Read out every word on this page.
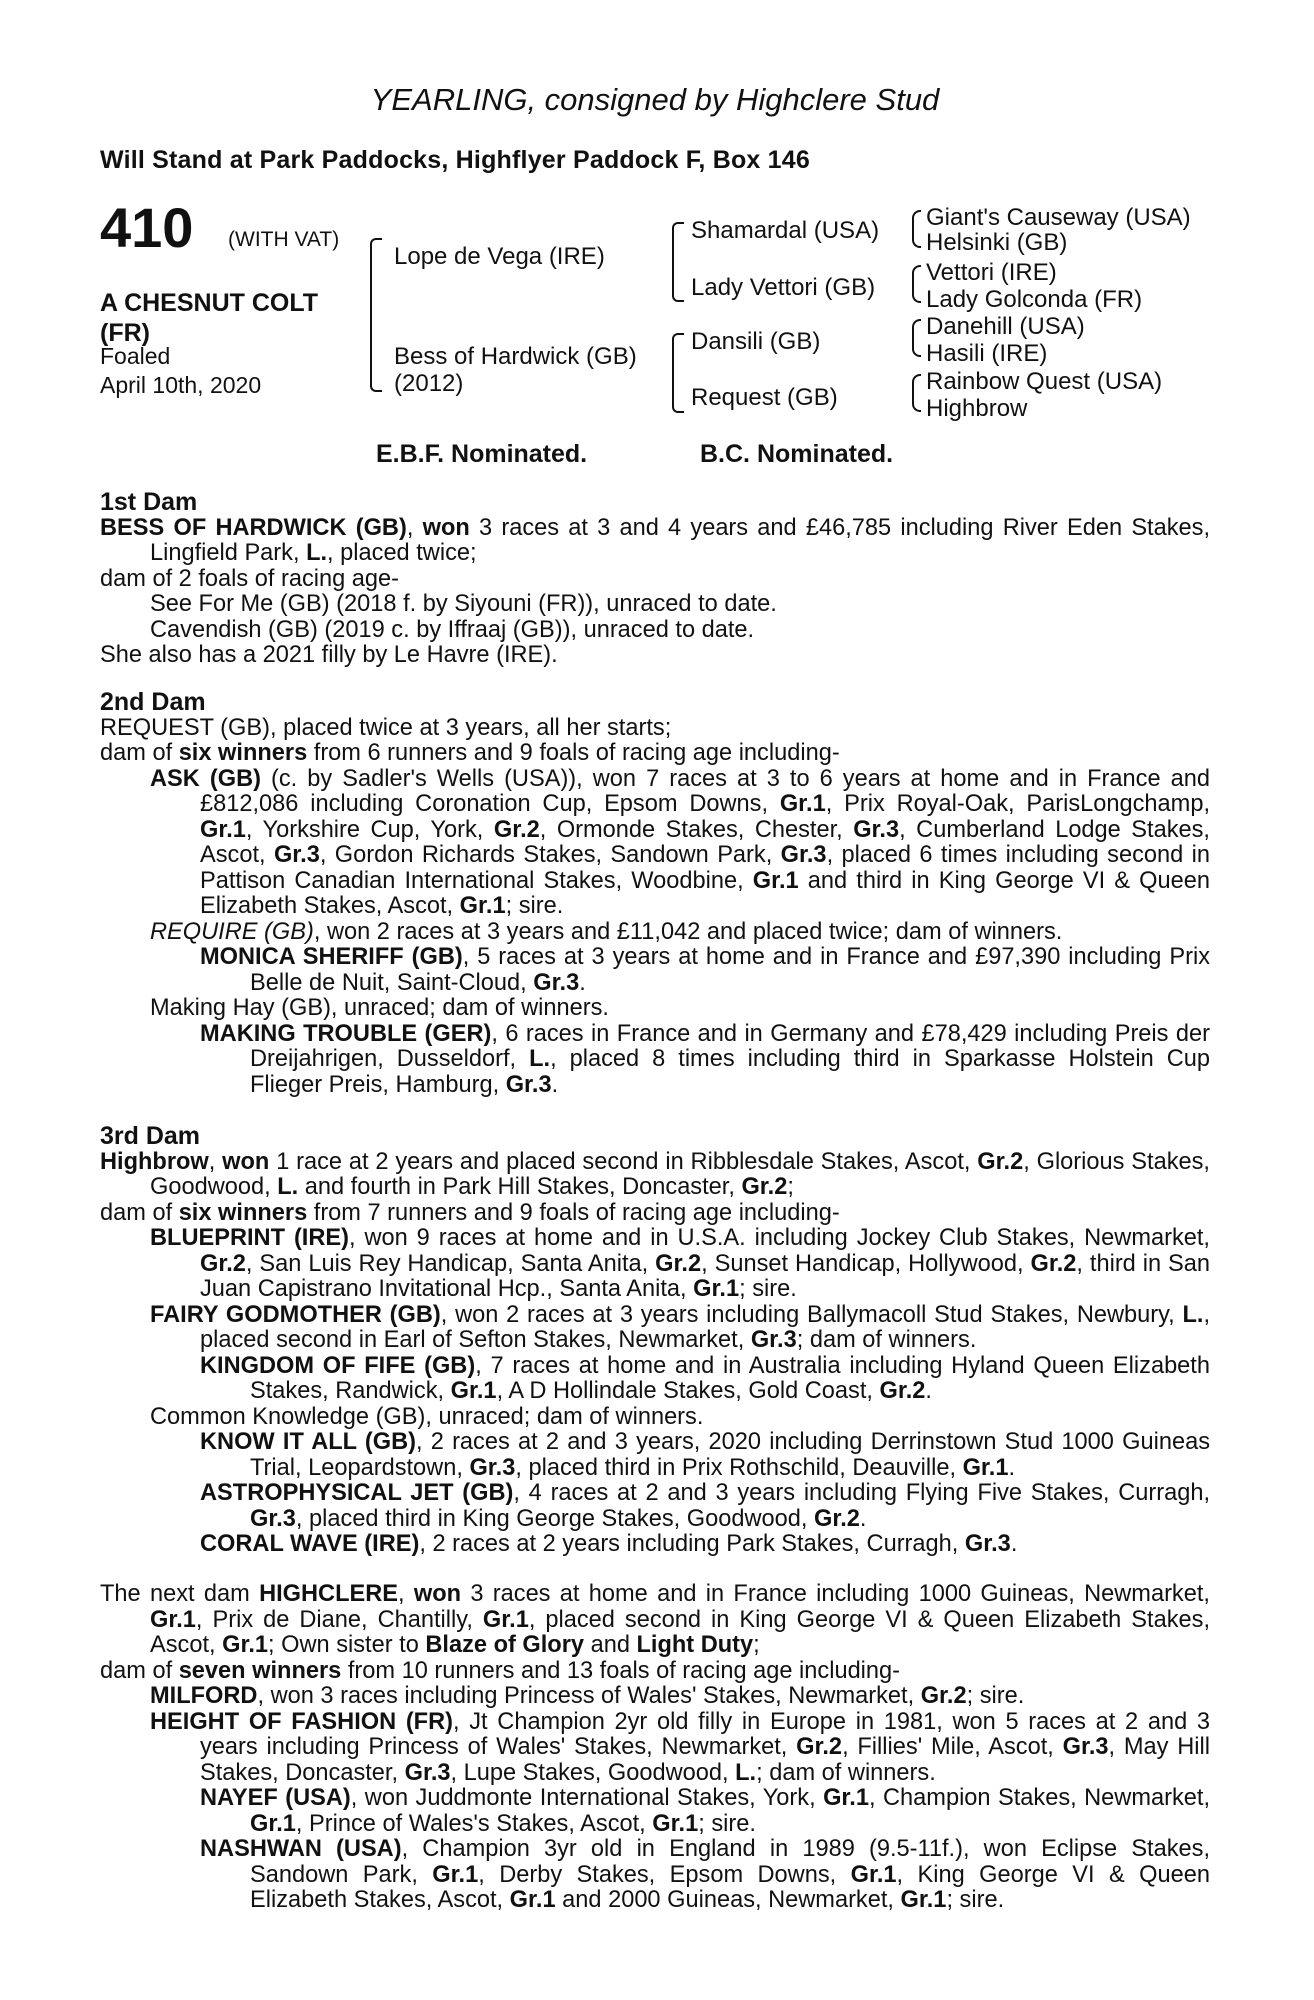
YEARLING, consigned by Highclere Stud
Will Stand at Park Paddocks, Highflyer Paddock F, Box 146
410 (WITH VAT)
A CHESNUT COLT
(FR)
Foaled
April 10th, 2020
Lope de Vega (IRE)
Bess of Hardwick (GB)
(2012)
Shamardal (USA)
Lady Vettori (GB)
Dansili (GB)
Request (GB)
Giant's Causeway (USA)
Helsinki (GB)
Vettori (IRE)
Lady Golconda (FR)
Danehill (USA)
Hasili (IRE)
Rainbow Quest (USA)
Highbrow
E.B.F. Nominated.	B.C. Nominated.
1st Dam
BESS OF HARDWICK (GB), won 3 races at 3 and 4 years and £46,785 including River Eden Stakes, Lingfield Park, L., placed twice;
dam of 2 foals of racing age-
See For Me (GB) (2018 f. by Siyouni (FR)), unraced to date.
Cavendish (GB) (2019 c. by Iffraaj (GB)), unraced to date.
She also has a 2021 filly by Le Havre (IRE).
2nd Dam
REQUEST (GB), placed twice at 3 years, all her starts;
dam of six winners from 6 runners and 9 foals of racing age including-
ASK (GB) (c. by Sadler's Wells (USA)), won 7 races at 3 to 6 years at home and in France and £812,086 including Coronation Cup, Epsom Downs, Gr.1, Prix Royal-Oak, ParisLongchamp, Gr.1, Yorkshire Cup, York, Gr.2, Ormonde Stakes, Chester, Gr.3, Cumberland Lodge Stakes, Ascot, Gr.3, Gordon Richards Stakes, Sandown Park, Gr.3, placed 6 times including second in Pattison Canadian International Stakes, Woodbine, Gr.1 and third in King George VI & Queen Elizabeth Stakes, Ascot, Gr.1; sire.
REQUIRE (GB), won 2 races at 3 years and £11,042 and placed twice; dam of winners.
MONICA SHERIFF (GB), 5 races at 3 years at home and in France and £97,390 including Prix Belle de Nuit, Saint-Cloud, Gr.3.
Making Hay (GB), unraced; dam of winners.
MAKING TROUBLE (GER), 6 races in France and in Germany and £78,429 including Preis der Dreijahrigen, Dusseldorf, L., placed 8 times including third in Sparkasse Holstein Cup Flieger Preis, Hamburg, Gr.3.
3rd Dam
Highbrow, won 1 race at 2 years and placed second in Ribblesdale Stakes, Ascot, Gr.2, Glorious Stakes, Goodwood, L. and fourth in Park Hill Stakes, Doncaster, Gr.2;
dam of six winners from 7 runners and 9 foals of racing age including-
BLUEPRINT (IRE), won 9 races at home and in U.S.A. including Jockey Club Stakes, Newmarket, Gr.2, San Luis Rey Handicap, Santa Anita, Gr.2, Sunset Handicap, Hollywood, Gr.2, third in San Juan Capistrano Invitational Hcp., Santa Anita, Gr.1; sire.
FAIRY GODMOTHER (GB), won 2 races at 3 years including Ballymacoll Stud Stakes, Newbury, L., placed second in Earl of Sefton Stakes, Newmarket, Gr.3; dam of winners.
KINGDOM OF FIFE (GB), 7 races at home and in Australia including Hyland Queen Elizabeth Stakes, Randwick, Gr.1, A D Hollindale Stakes, Gold Coast, Gr.2.
Common Knowledge (GB), unraced; dam of winners.
KNOW IT ALL (GB), 2 races at 2 and 3 years, 2020 including Derrinstown Stud 1000 Guineas Trial, Leopardstown, Gr.3, placed third in Prix Rothschild, Deauville, Gr.1.
ASTROPHYSICAL JET (GB), 4 races at 2 and 3 years including Flying Five Stakes, Curragh, Gr.3, placed third in King George Stakes, Goodwood, Gr.2.
CORAL WAVE (IRE), 2 races at 2 years including Park Stakes, Curragh, Gr.3.
The next dam HIGHCLERE, won 3 races at home and in France including 1000 Guineas, Newmarket, Gr.1, Prix de Diane, Chantilly, Gr.1, placed second in King George VI & Queen Elizabeth Stakes, Ascot, Gr.1; Own sister to Blaze of Glory and Light Duty;
dam of seven winners from 10 runners and 13 foals of racing age including-
MILFORD, won 3 races including Princess of Wales' Stakes, Newmarket, Gr.2; sire.
HEIGHT OF FASHION (FR), Jt Champion 2yr old filly in Europe in 1981, won 5 races at 2 and 3 years including Princess of Wales' Stakes, Newmarket, Gr.2, Fillies' Mile, Ascot, Gr.3, May Hill Stakes, Doncaster, Gr.3, Lupe Stakes, Goodwood, L.; dam of winners.
NAYEF (USA), won Juddmonte International Stakes, York, Gr.1, Champion Stakes, Newmarket, Gr.1, Prince of Wales's Stakes, Ascot, Gr.1; sire.
NASHWAN (USA), Champion 3yr old in England in 1989 (9.5-11f.), won Eclipse Stakes, Sandown Park, Gr.1, Derby Stakes, Epsom Downs, Gr.1, King George VI & Queen Elizabeth Stakes, Ascot, Gr.1 and 2000 Guineas, Newmarket, Gr.1; sire.
